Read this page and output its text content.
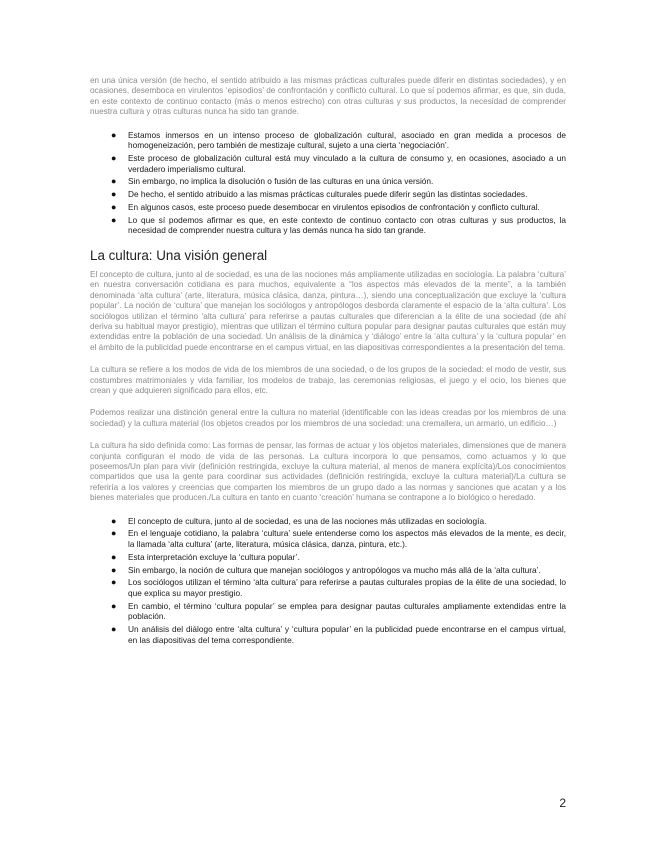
en una única versión (de hecho, el sentido atribuido a las mismas prácticas culturales puede diferir en distintas sociedades), y en ocasiones, desemboca en virulentos ‘episodios’ de confrontación y conflicto cultural. Lo que sí podemos afirmar, es que, sin duda, en este contexto de continuo contacto (más o menos estrecho) con otras culturas y sus productos, la necesidad de comprender nuestra cultura y otras culturas nunca ha sido tan grande.

● Estamos inmersos en un intenso proceso de globalización cultural, asociado en gran medida a procesos de homogeneización, pero también de mestizaje cultural, sujeto a una cierta ‘negociación’.
● Este proceso de globalización cultural está muy vinculado a la cultura de consumo y, en ocasiones, asociado a un verdadero imperialismo cultural.
● Sin embargo, no implica la disolución o fusión de las culturas en una única versión.
● De hecho, el sentido atribuido a las mismas prácticas culturales puede diferir según las distintas sociedades.
● En algunos casos, este proceso puede desembocar en virulentos episodios de confrontación y conflicto cultural.
● Lo que sí podemos afirmar es que, en este contexto de continuo contacto con otras culturas y sus productos, la necesidad de comprender nuestra cultura y las demás nunca ha sido tan grande.
La cultura: Una visión general

El concepto de cultura, junto al de sociedad, es una de las nociones más ampliamente utilizadas en sociología. La palabra ‘cultura’ en nuestra conversación cotidiana es para muchos, equivalente a “los aspectos más elevados de la mente”, a la también denominada ‘alta cultura’ (arte, literatura, música clásica, danza, pintura…), siendo una conceptualización que excluye la ‘cultura popular’. La noción de ‘cultura’ que manejan los sociólogos y antropólogos desborda claramente el espacio de la ‘alta cultura’. Los sociólogos utilizan el término ‘alta cultura’ para referirse a pautas culturales que diferencian a la élite de una sociedad (de ahí deriva su habitual mayor prestigio), mientras que utilizan el término cultura popular para designar pautas culturales que están muy extendidas entre la población de una sociedad. Un análisis de la dinámica y ‘diálogo’ entre la ‘alta cultura’ y la ‘cultura popular’ en el ámbito de la publicidad puede encontrarse en el campus virtual, en las diapositivas correspondientes a la presentación del tema.

La cultura se refiere a los modos de vida de los miembros de una sociedad, o de los grupos de la sociedad: el modo de vestir, sus costumbres matrimoniales y vida familiar, los modelos de trabajo, las ceremonias religiosas, el juego y el ocio, los bienes que crean y que adquieren significado para ellos, etc.

Podemos realizar una distinción general entre la cultura no material (identificable con las ideas creadas por los miembros de una sociedad) y la cultura material (los objetos creados por los miembros de una sociedad: una cremallera, un armario, un edificio…)

La cultura ha sido definida como: Las formas de pensar, las formas de actuar y los objetos materiales, dimensiones que de manera conjunta configuran el modo de vida de las personas. La cultura incorpora lo que pensamos, como actuamos y lo que poseemos/Un plan para vivir (definición restringida, excluye la cultura material, al menos de manera explícita)/Los conocimientos compartidos que usa la gente para coordinar sus actividades (definición restringida, excluye la cultura material)/La cultura se referiría a los valores y creencias que comparten los miembros de un grupo dado a las normas y sanciones que acatan y a los bienes materiales que producen./La cultura en tanto en cuanto ‘creación’ humana se contrapone a lo biológico o heredado.

● El concepto de cultura, junto al de sociedad, es una de las nociones más utilizadas en sociología.
● En el lenguaje cotidiano, la palabra ‘cultura’ suele entenderse como los aspectos más elevados de la mente, es decir, la llamada ‘alta cultura’ (arte, literatura, música clásica, danza, pintura, etc.).
● Esta interpretación excluye la ‘cultura popular’.
● Sin embargo, la noción de cultura que manejan sociólogos y antropólogos va mucho más allá de la ‘alta cultura’.
● Los sociólogos utilizan el término ‘alta cultura’ para referirse a pautas culturales propias de la élite de una sociedad, lo que explica su mayor prestigio.
● En cambio, el término ‘cultura popular’ se emplea para designar pautas culturales ampliamente extendidas entre la población.
● Un análisis del diálogo entre ‘alta cultura’ y ‘cultura popular’ en la publicidad puede encontrarse en el campus virtual, en las diapositivas del tema correspondiente.
2
